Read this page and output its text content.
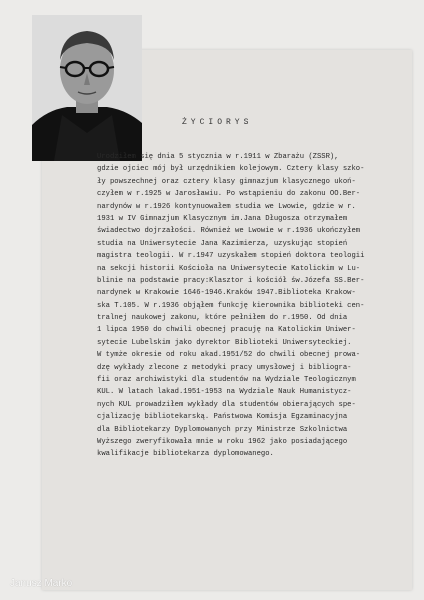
ŻYCIORYS
Urodziłem się dnia 5 stycznia w r.1911 w Zbarażu (ZSSR),
gdzie ojciec mój był urzędnikiem kolejowym. Cztery klasy szko-
ły powszechnej oraz cztery klasy gimnazjum klasycznego ukoń-
czyłem w r.1925 w Jarosławiu. Po wstąpieniu do zakonu OO.Ber-
nardynów w r.1926 kontynuowałem studia we Lwowie, gdzie w r.
1931 w IV Gimnazjum Klasycznym im.Jana Długosza otrzymałem
świadectwo dojrzałości. Również we Lwowie w r.1936 ukończyłem
studia na Uniwersytecie Jana Kazimierza, uzyskując stopień
magistra teologii. W r.1947 uzyskałem stopień doktora teologii
na sekcji historii Kościoła na Uniwersytecie Katolickim w Lu-
blinie na podstawie pracy:Klasztor i kościół św.Józefa SS.Ber-
nardynek w Krakowie 1646-1946.Kraków 1947.Biblioteka Krakow-
ska T.105. W r.1936 objąłem funkcję kierownika biblioteki cen-
tralnej naukowej zakonu, które pełniłem do r.1950. Od dnia
1 lipca 1950 do chwili obecnej pracuję na Katolickim Uniwer-
sytecie Lubelskim jako dyrektor Biblioteki Uniwersyteckiej.
W tymże okresie od roku akad.1951/52 do chwili obecnej prowa-
dzę wykłady zlecone z metodyki pracy umysłowej i bibliogra-
fii oraz archiwistyki dla studentów na Wydziale Teologicznym
KUL. W latach lakad.1951-1953 na Wydziale Nauk Humanistycz-
nych KUL prowadziłem wykłady dla studentów obierających spe-
cjalizację bibliotekarską. Państwowa Komisja Egzaminacyjna
dla Bibliotekarzy Dyplomowanych przy Ministrze Szkolnictwa
Wyższego zweryfikowała mnie w roku 1962 jako posiadającego
kwalifikacje bibliotekarza dyplomowanego.
Janusz Marko
